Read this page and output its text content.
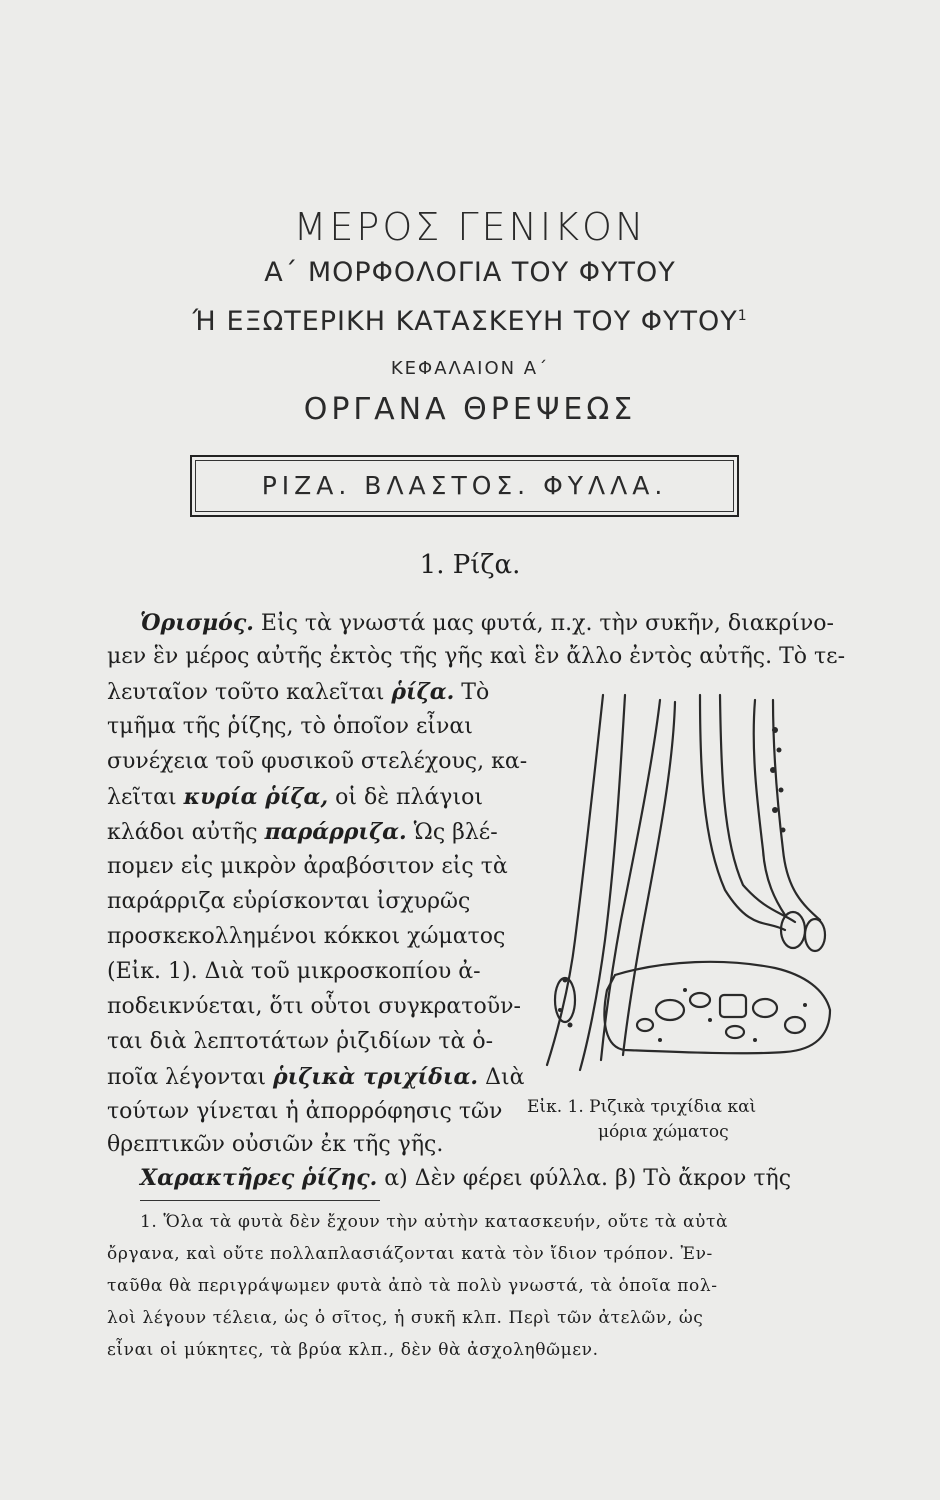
ΜΕΡΟΣ ΓΕΝΙΚΟΝ
Α΄ ΜΟΡΦΟΛΟΓΙΑ ΤΟΥ ΦΥΤΟΥ
Ή ΕΞΩΤΕΡΙΚΗ ΚΑΤΑΣΚΕΥΗ ΤΟΥ ΦΥΤΟΥ$^1$
ΚΕΦΑΛΑΙΟΝ Α΄
ΟΡΓΑΝΑ ΘΡΕΨΕΩΣ
ΡΙΖΑ. ΒΛΑΣΤΟΣ. ΦΥΛΛΑ.
1. Ρίζα.
Ὁρισμός. Εἰς τὰ γνωστά μας φυτά, π.χ. τὴν συκῆν, διακρίνο-
μεν ἓν μέρος αὐτῆς ἐκτὸς τῆς γῆς καὶ ἓν ἄλλο ἐντὸς αὐτῆς. Τὸ τε-
λευταῖον τοῦτο καλεῖται ῥίζα. Τὸ
τμῆμα τῆς ῥίζης, τὸ ὁποῖον εἶναι
συνέχεια τοῦ φυσικοῦ στελέχους, κα-
λεῖται κυρία ῥίζα, οἱ δὲ πλάγιοι
κλάδοι αὐτῆς παράρριζα. Ὡς βλέ-
πομεν εἰς μικρὸν ἀραβόσιτον εἰς τὰ
παράρριζα εὑρίσκονται ἰσχυρῶς
προσκεκολλημένοι κόκκοι χώματος
(Εἰκ. 1). Διὰ τοῦ μικροσκοπίου ἀ-
ποδεικνύεται, ὅτι οὗτοι συγκρατοῦν-
ται διὰ λεπτοτάτων ῥιζιδίων τὰ ὁ-
ποῖα λέγονται ῥιζικὰ τριχίδια. Διὰ
τούτων γίνεται ἡ ἀπορρόφησις τῶν
θρεπτικῶν οὐσιῶν ἐκ τῆς γῆς.
Χαρακτῆρες ῥίζης. α) Δὲν φέρει φύλλα. β) Τὸ ἄκρον τῆς
Εἰκ. 1. Ριζικὰ τριχίδια καὶ
μόρια χώματος
1. Ὅλα τὰ φυτὰ δὲν ἔχουν τὴν αὐτὴν κατασκευήν, οὔτε τὰ αὐτὰ
ὄργανα, καὶ οὔτε πολλαπλασιάζονται κατὰ τὸν ἴδιον τρόπον. Ἐν-
ταῦθα θὰ περιγράψωμεν φυτὰ ἀπὸ τὰ πολὺ γνωστά, τὰ ὁποῖα πολ-
λοὶ λέγουν τέλεια, ὡς ὁ σῖτος, ἡ συκῆ κλπ. Περὶ τῶν ἀτελῶν, ὡς
εἶναι οἱ μύκητες, τὰ βρύα κλπ., δὲν θὰ ἀσχοληθῶμεν.
